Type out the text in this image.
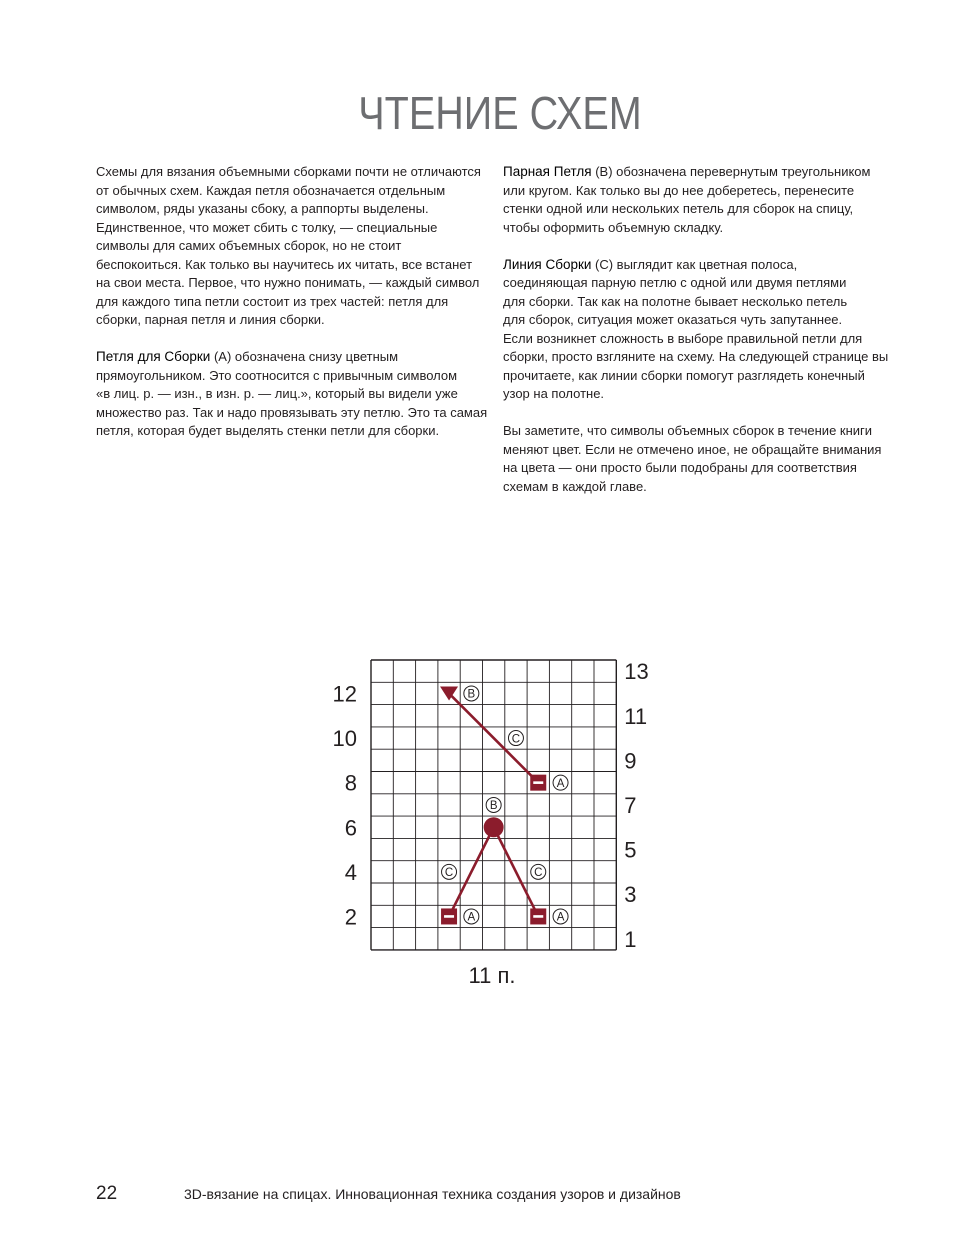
ЧТЕНИЕ СХЕМ

Схемы для вязания объемными сборками почти не отличаются
от обычных схем. Каждая петля обозначается отдельным
символом, ряды указаны сбоку, а раппорты выделены.
Единственное, что может сбить с толку, — специальные
символы для самих объемных сборок, но не стоит
беспокоиться. Как только вы научитесь их читать, все встанет
на свои места. Первое, что нужно понимать, — каждый символ
для каждого типа петли состоит из трех частей: петля для
сборки, парная петля и линия сборки.

Петля для Сборки (A) обозначена снизу цветным
прямоугольником. Это соотносится с привычным символом
«в лиц. р. — изн., в изн. р. — лиц.», который вы видели уже
множество раз. Так и надо провязывать эту петлю. Это та самая
петля, которая будет выделять стенки петли для сборки.

Парная Петля (B) обозначена перевернутым треугольником
или кругом. Как только вы до нее доберетесь, перенесите
стенки одной или нескольких петель для сборок на спицу,
чтобы оформить объемную складку.

Линия Сборки (C) выглядит как цветная полоса,
соединяющая парную петлю с одной или двумя петлями
для сборки. Так как на полотне бывает несколько петель
для сборок, ситуация может оказаться чуть запутаннее.
Если возникнет сложность в выборе правильной петли для
сборки, просто взгляните на схему. На следующей странице вы
прочитаете, как линии сборки помогут разглядеть конечный
узор на полотне.

Вы заметите, что символы объемных сборок в течение книги
меняют цвет. Если не отмечено иное, не обращайте внимания
на цвета — они просто были подобраны для соответствия
схемам в каждой главе.

1
3
5
7
9
11
13
2
4
6
8
10
12
A	A
A
B
B
C
C	C
11 п.
22	3D-вязание на спицах. Инновационная техника создания узоров и дизайнов
